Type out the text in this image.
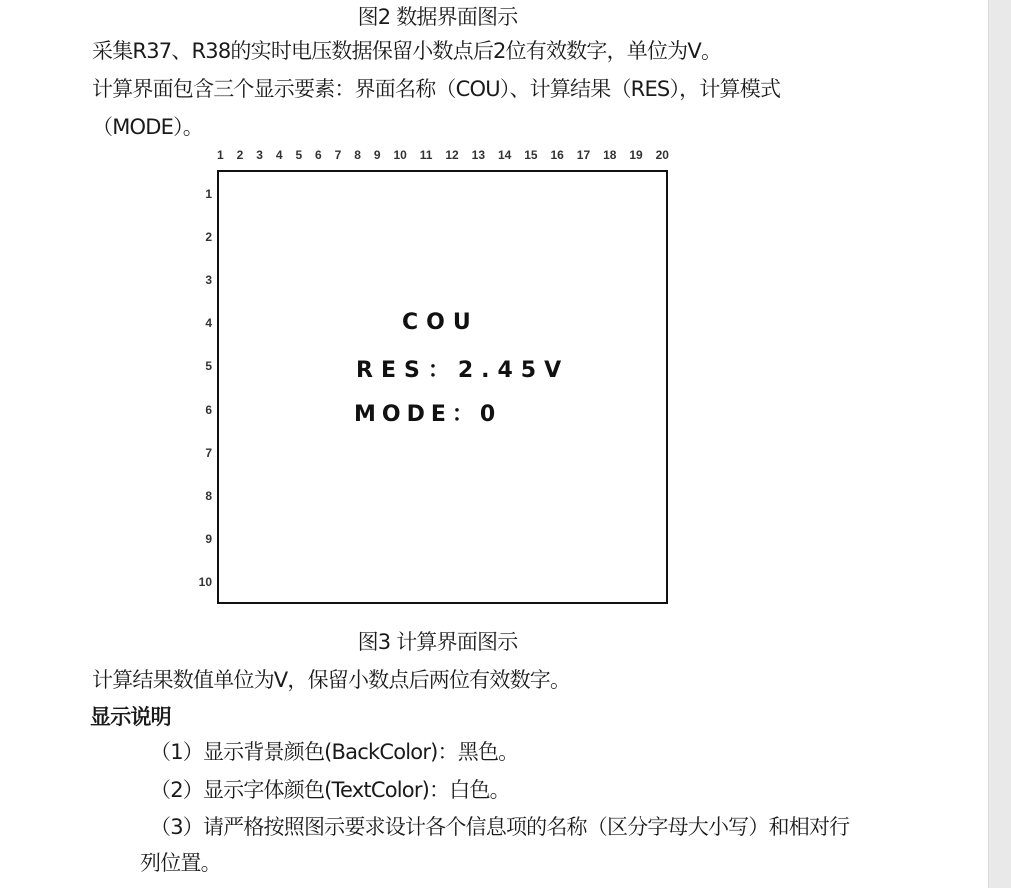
图2 数据界面图示
采集R37、R38的实时电压数据保留小数点后2位有效数字，单位为V。
计算界面包含三个显示要素：界面名称（COU）、计算结果（RES），计算模式
（MODE）。
1 2 3 4 5 6 7 8 9 10 11 12 13 14 15 16 17 18 19 20
1
2
3
4
5
6
7
8
9
10
COU
RES：2.45V
MODE：0
图3 计算界面图示
计算结果数值单位为V，保留小数点后两位有效数字。
显示说明
（1）显示背景颜色(BackColor)：黑色。
（2）显示字体颜色(TextColor)：白色。
（3）请严格按照图示要求设计各个信息项的名称（区分字母大小写）和相对行
列位置。
